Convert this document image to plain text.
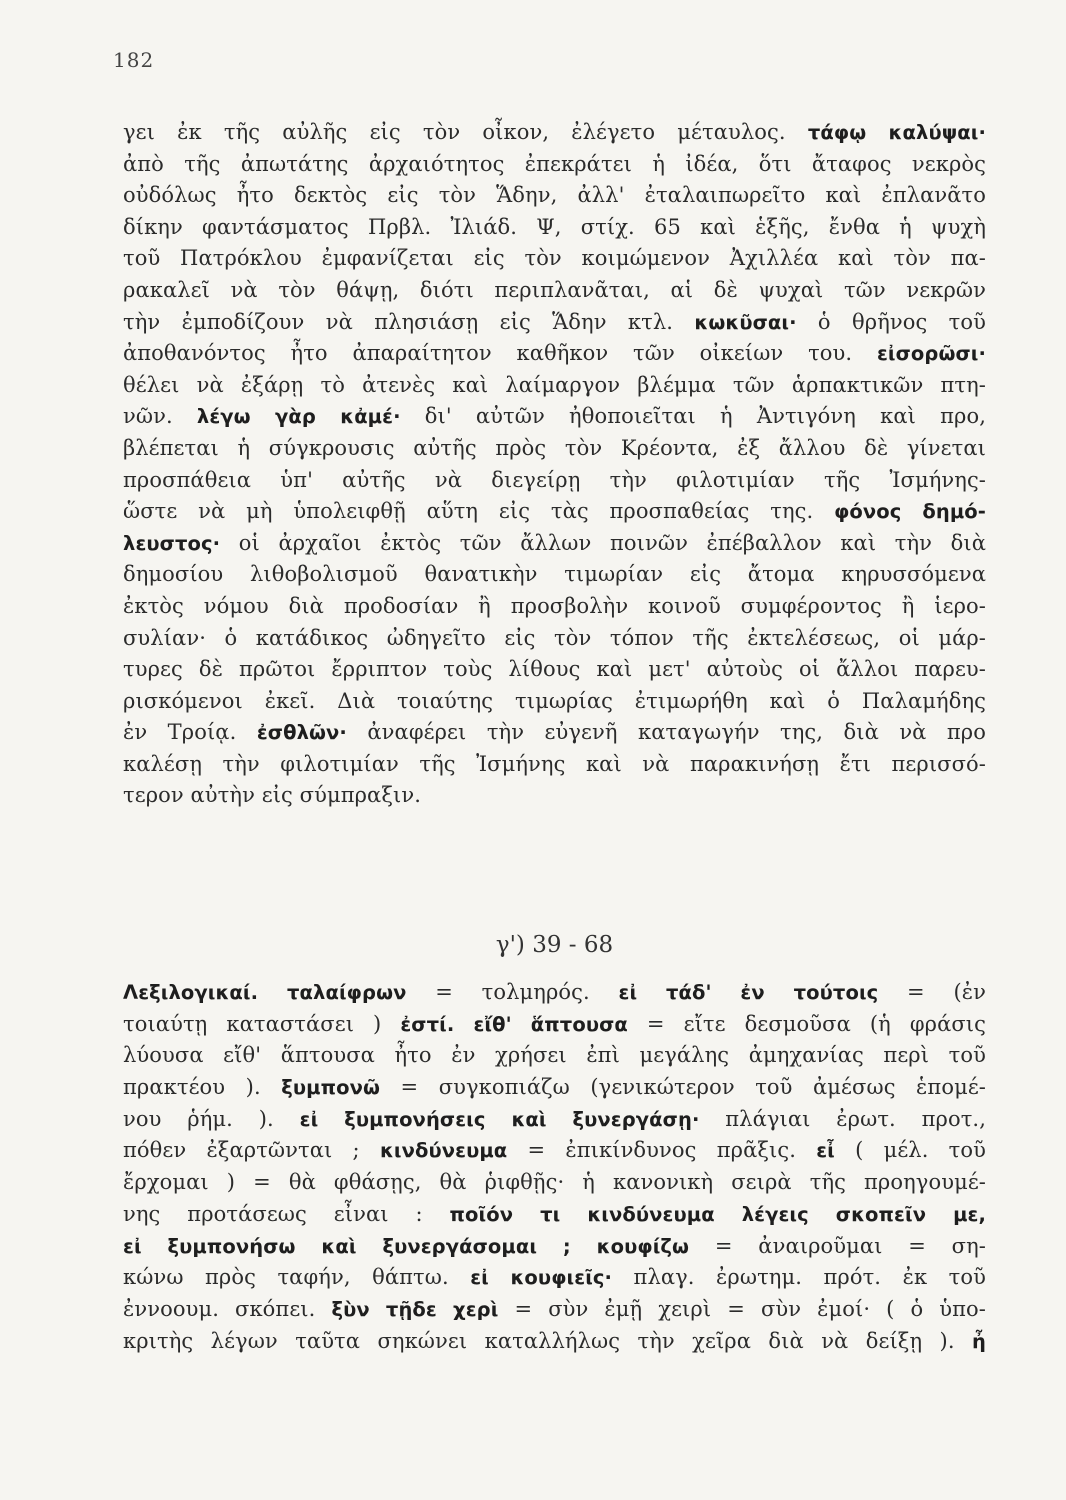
182
γει ἐκ τῆς αὐλῆς εἰς τὸν οἶκον, ἐλέγετο μέταυλος. τάφῳ καλύψαι·
ἀπὸ τῆς ἀπωτάτης ἀρχαιότητος ἐπεκράτει ἡ ἰδέα, ὅτι ἄταφος νεκρὸς
οὐδόλως ἦτο δεκτὸς εἰς τὸν Ἅδην, ἀλλ' ἐταλαιπωρεῖτο καὶ ἐπλανᾶτο
δίκην φαντάσματος Πρβλ. Ἰλιάδ. Ψ, στίχ. 65 καὶ ἑξῆς, ἔνθα ἡ ψυχὴ
τοῦ Πατρόκλου ἐμφανίζεται εἰς τὸν κοιμώμενον Ἀχιλλέα καὶ τὸν πα-
ρακαλεῖ νὰ τὸν θάψῃ, διότι περιπλανᾶται, αἱ δὲ ψυχαὶ τῶν νεκρῶν
τὴν ἐμποδίζουν νὰ πλησιάσῃ εἰς Ἅδην κτλ. κωκῦσαι· ὁ θρῆνος τοῦ
ἀποθανόντος ἦτο ἀπαραίτητον καθῆκον τῶν οἰκείων του. εἰσορῶσι·
θέλει νὰ ἐξάρῃ τὸ ἀτενὲς καὶ λαίμαργον βλέμμα τῶν ἁρπακτικῶν πτη-
νῶν. λέγω γὰρ κἀμέ· δι' αὐτῶν ἠθοποιεῖται ἡ Ἀντιγόνη καὶ προ,
βλέπεται ἡ σύγκρουσις αὐτῆς πρὸς τὸν Κρέοντα, ἐξ ἄλλου δὲ γίνεται
προσπάθεια ὑπ' αὐτῆς νὰ διεγείρῃ τὴν φιλοτιμίαν τῆς Ἰσμήνης-
ὥστε νὰ μὴ ὑπολειφθῇ αὕτη εἰς τὰς προσπαθείας της. φόνος δημό-
λευστος· οἱ ἀρχαῖοι ἐκτὸς τῶν ἄλλων ποινῶν ἐπέβαλλον καὶ τὴν διὰ
δημοσίου λιθοβολισμοῦ θανατικὴν τιμωρίαν εἰς ἄτομα κηρυσσόμενα
ἐκτὸς νόμου διὰ προδοσίαν ἢ προσβολὴν κοινοῦ συμφέροντος ἢ ἱερο-
συλίαν· ὁ κατάδικος ὠδηγεῖτο εἰς τὸν τόπον τῆς ἐκτελέσεως, οἱ μάρ-
τυρες δὲ πρῶτοι ἔρριπτον τοὺς λίθους καὶ μετ' αὐτοὺς οἱ ἄλλοι παρευ-
ρισκόμενοι ἐκεῖ. Διὰ τοιαύτης τιμωρίας ἐτιμωρήθη καὶ ὁ Παλαμήδης
ἐν Τροίᾳ. ἐσθλῶν· ἀναφέρει τὴν εὐγενῆ καταγωγήν της, διὰ νὰ προ
καλέσῃ τὴν φιλοτιμίαν τῆς Ἰσμήνης καὶ νὰ παρακινήσῃ ἔτι περισσό-
τερον αὐτὴν εἰς σύμπραξιν.
γ') 39 - 68
Λεξιλογικαί. ταλαίφρων = τολμηρός. εἰ τάδ' ἐν τούτοις = (ἐν
τοιαύτῃ καταστάσει ) ἐστί. εἴθ' ἅπτουσα = εἴτε δεσμοῦσα (ἡ φράσις
λύουσα εἴθ' ἅπτουσα ἦτο ἐν χρήσει ἐπὶ μεγάλης ἀμηχανίας περὶ τοῦ
πρακτέου ). ξυμπονῶ = συγκοπιάζω (γενικώτερον τοῦ ἀμέσως ἑπομέ-
νου ῥήμ. ). εἰ ξυμπονήσεις καὶ ξυνεργάσῃ· πλάγιαι ἐρωτ. προτ.,
πόθεν ἐξαρτῶνται ; κινδύνευμα = ἐπικίνδυνος πρᾶξις. εἶ ( μέλ. τοῦ
ἔρχομαι ) = θὰ φθάσῃς, θὰ ῥιφθῇς· ἡ κανονικὴ σειρὰ τῆς προηγουμέ-
νης προτάσεως εἶναι : ποῖόν τι κινδύνευμα λέγεις σκοπεῖν με,
εἰ ξυμπονήσω καὶ ξυνεργάσομαι ; κουφίζω = ἀναιροῦμαι = ση-
κώνω πρὸς ταφήν, θάπτω. εἰ κουφιεῖς· πλαγ. ἐρωτημ. πρότ. ἐκ τοῦ
ἐννοουμ. σκόπει. ξὺν τῇδε χερὶ = σὺν ἐμῇ χειρὶ = σὺν ἐμοί· ( ὁ ὑπο-
κριτὴς λέγων ταῦτα σηκώνει καταλλήλως τὴν χεῖρα διὰ νὰ δείξῃ ). ἦ
